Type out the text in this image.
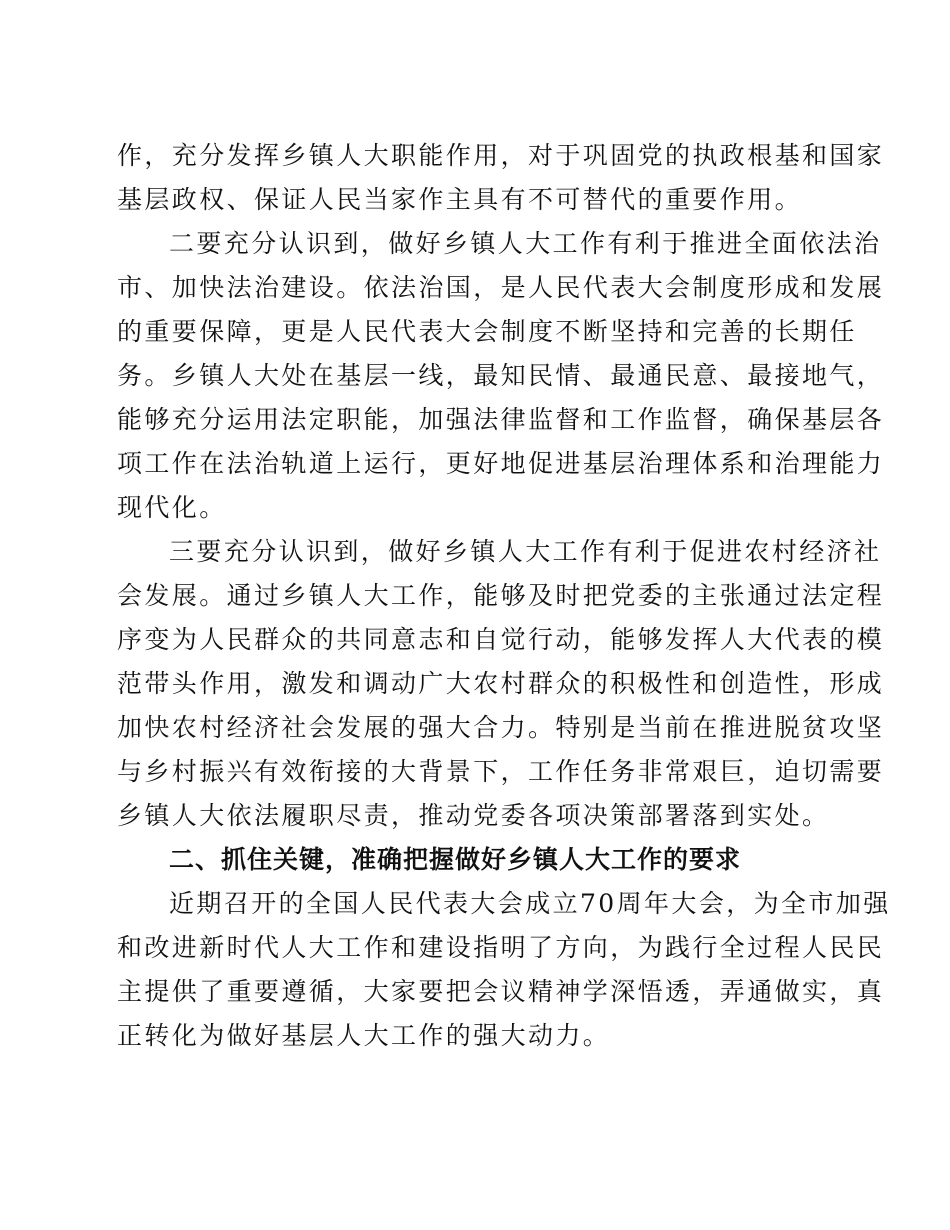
作，充分发挥乡镇人大职能作用，对于巩固党的执政根基和国家
基层政权、保证人民当家作主具有不可替代的重要作用。
二要充分认识到，做好乡镇人大工作有利于推进全面依法治
市、加快法治建设。依法治国，是人民代表大会制度形成和发展
的重要保障，更是人民代表大会制度不断坚持和完善的长期任
务。乡镇人大处在基层一线，最知民情、最通民意、最接地气，
能够充分运用法定职能，加强法律监督和工作监督，确保基层各
项工作在法治轨道上运行，更好地促进基层治理体系和治理能力
现代化。
三要充分认识到，做好乡镇人大工作有利于促进农村经济社
会发展。通过乡镇人大工作，能够及时把党委的主张通过法定程
序变为人民群众的共同意志和自觉行动，能够发挥人大代表的模
范带头作用，激发和调动广大农村群众的积极性和创造性，形成
加快农村经济社会发展的强大合力。特别是当前在推进脱贫攻坚
与乡村振兴有效衔接的大背景下，工作任务非常艰巨，迫切需要
乡镇人大依法履职尽责，推动党委各项决策部署落到实处。
二、抓住关键，准确把握做好乡镇人大工作的要求
近期召开的全国人民代表大会成立70周年大会，为全市加强
和改进新时代人大工作和建设指明了方向，为践行全过程人民民
主提供了重要遵循，大家要把会议精神学深悟透，弄通做实，真
正转化为做好基层人大工作的强大动力。
